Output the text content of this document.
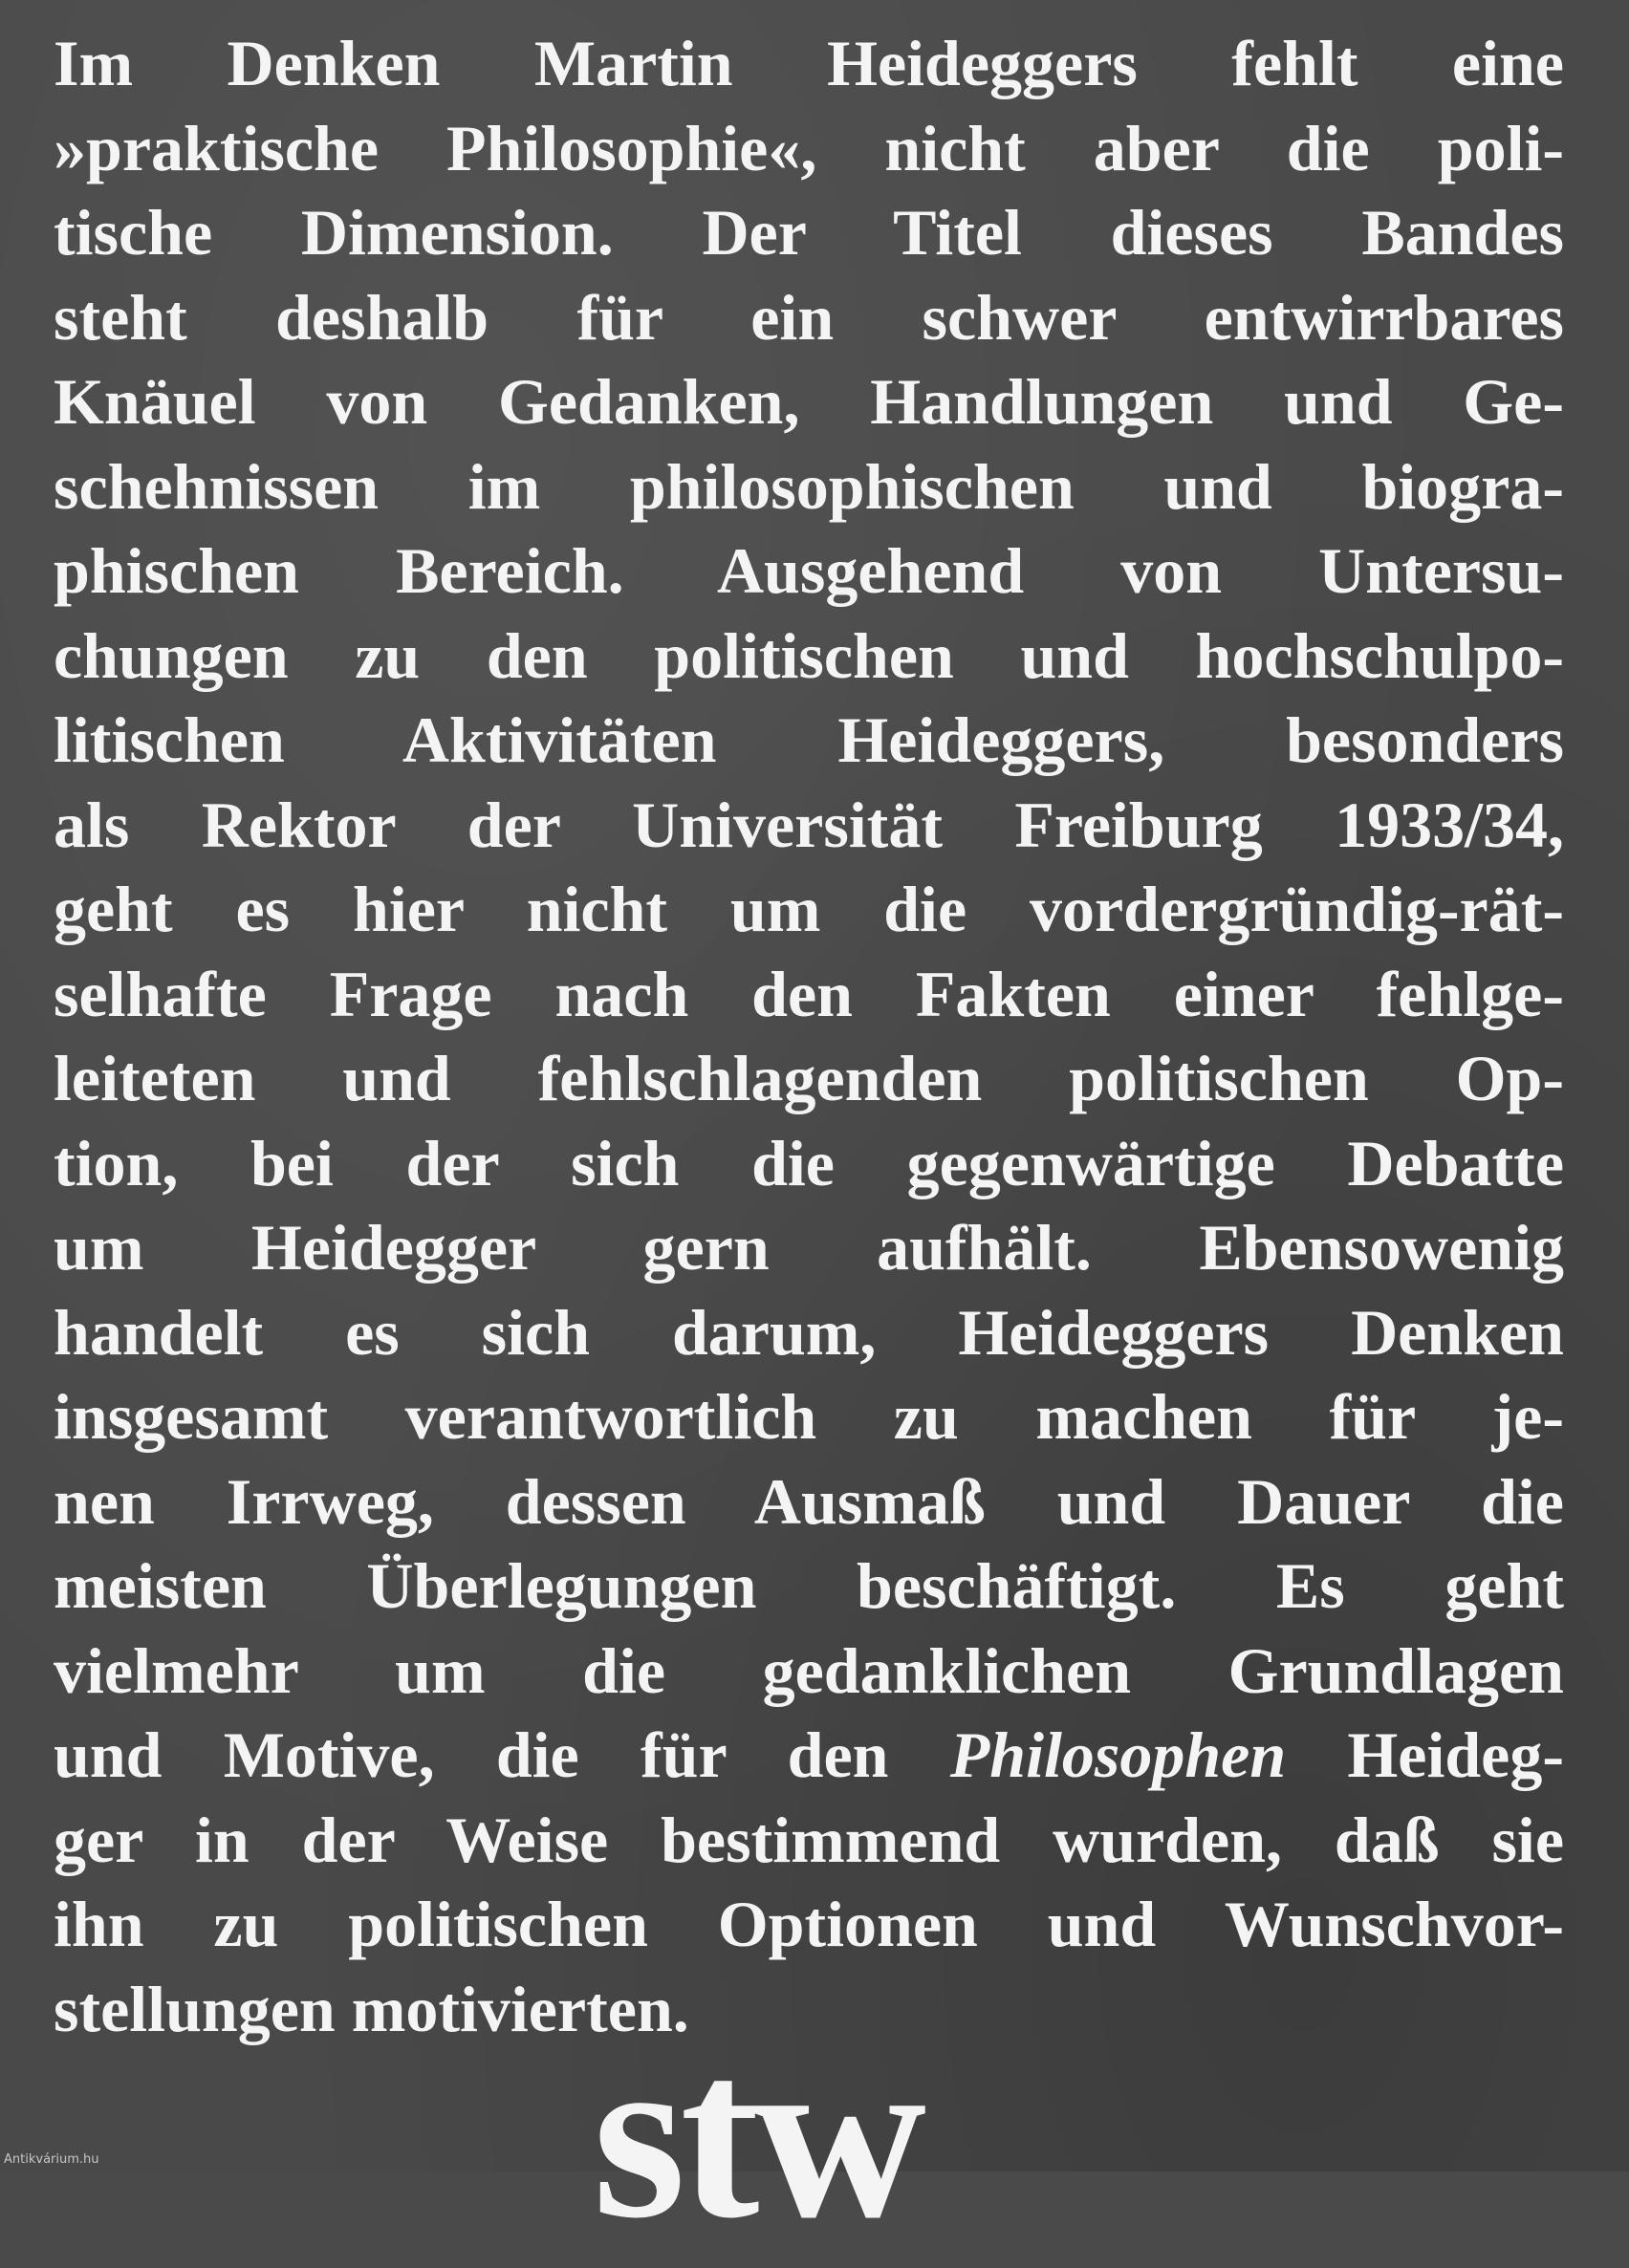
Im Denken Martin Heideggers fehlt eine
»praktische Philosophie«, nicht aber die poli-
tische Dimension. Der Titel dieses Bandes
steht deshalb für ein schwer entwirrbares
Knäuel von Gedanken, Handlungen und Ge-
schehnissen im philosophischen und biogra-
phischen Bereich. Ausgehend von Untersu-
chungen zu den politischen und hochschulpo-
litischen Aktivitäten Heideggers, besonders
als Rektor der Universität Freiburg 1933/34,
geht es hier nicht um die vordergründig-rät-
selhafte Frage nach den Fakten einer fehlge-
leiteten und fehlschlagenden politischen Op-
tion, bei der sich die gegenwärtige Debatte
um Heidegger gern aufhält. Ebensowenig
handelt es sich darum, Heideggers Denken
insgesamt verantwortlich zu machen für je-
nen Irrweg, dessen Ausmaß und Dauer die
meisten Überlegungen beschäftigt. Es geht
vielmehr um die gedanklichen Grundlagen
und Motive, die für den Philosophen Heideg-
ger in der Weise bestimmend wurden, daß sie
ihn zu politischen Optionen und Wunschvor-
stellungen motivierten.
stw
Antikvárium.hu
